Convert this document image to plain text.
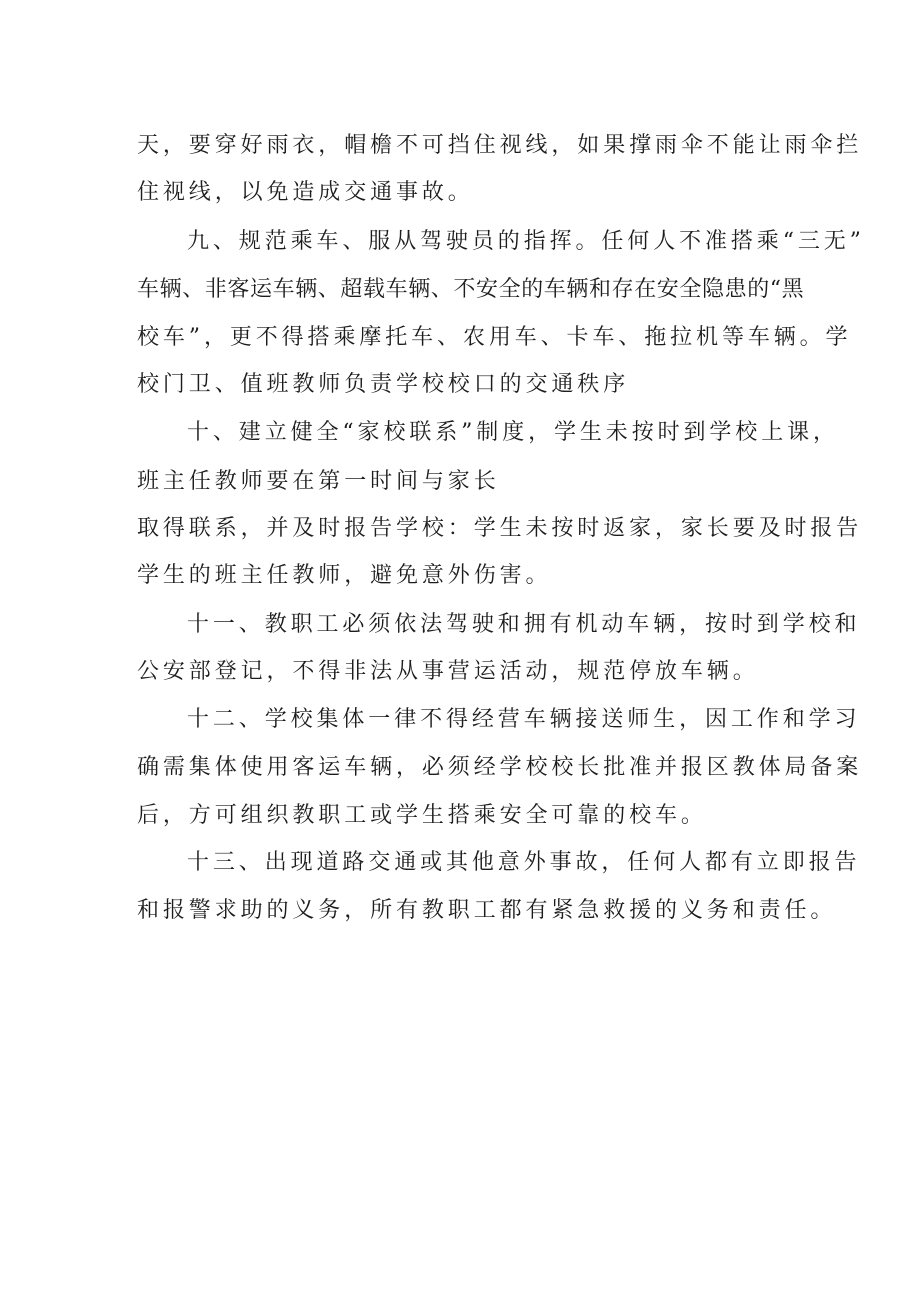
天，要穿好雨衣，帽檐不可挡住视线，如果撑雨伞不能让雨伞拦
住视线，以免造成交通事故。
九、规范乘车、服从驾驶员的指挥。任何人不准搭乘“三无”
车辆、非客运车辆、超载车辆、不安全的车辆和存在安全隐患的“黑
校车”，更不得搭乘摩托车、农用车、卡车、拖拉机等车辆。学
校门卫、值班教师负责学校校口的交通秩序
十、建立健全“家校联系”制度，学生未按时到学校上课，
班主任教师要在第一时间与家长
取得联系，并及时报告学校：学生未按时返家，家长要及时报告
学生的班主任教师，避免意外伤害。
十一、教职工必须依法驾驶和拥有机动车辆，按时到学校和
公安部登记，不得非法从事营运活动，规范停放车辆。
十二、学校集体一律不得经营车辆接送师生，因工作和学习
确需集体使用客运车辆，必须经学校校长批准并报区教体局备案
后，方可组织教职工或学生搭乘安全可靠的校车。
十三、出现道路交通或其他意外事故，任何人都有立即报告
和报警求助的义务，所有教职工都有紧急救援的义务和责任。
